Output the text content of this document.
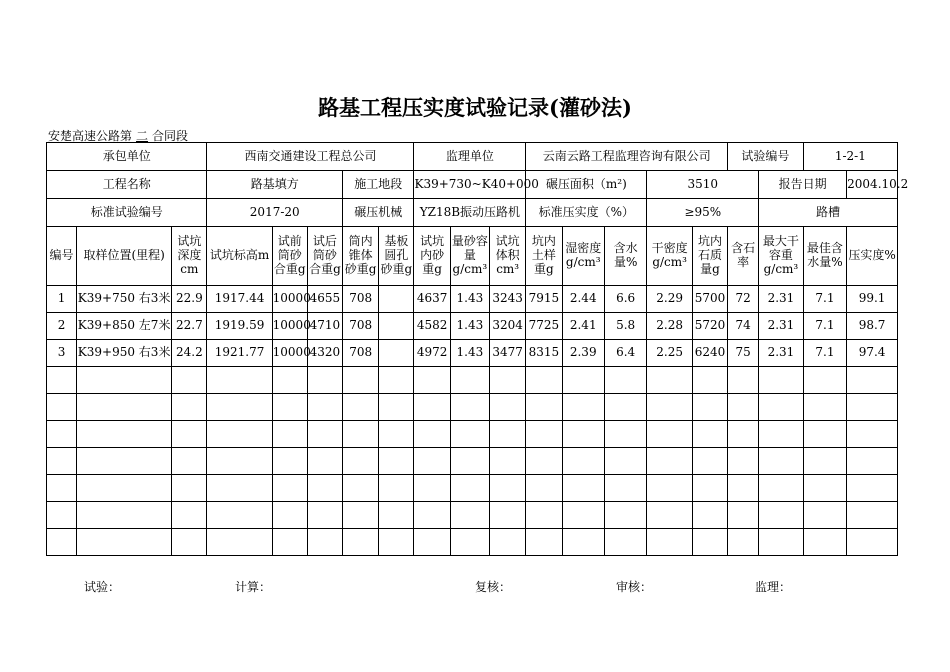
路基工程压实度试验记录(灌砂法)
安楚高速公路第 二 合同段
承包单位			西南交通建设工程总公司					监理单位			云南云路工程监理咨询有限公司					试验编号		1-2-1	
工程名称			路基填方			施工地段		K39+730~K40+000			碾压面积（m²)			3510			报告日期		2004.10.2
标准试验编号			2017-20			碾压机械		YZ18B振动压路机			标准压实度（%）			≥95%			路槽		
编号	取样位置(里程)	试坑深度cm	试坑标高m	试前筒砂合重g	试后筒砂合重g	筒内锥体砂重g	基板圆孔砂重g	试坑内砂重g	量砂容量g/cm³	试坑体积cm³	坑内土样重g	湿密度g/cm³	含水量%	干密度g/cm³	坑内石质量g	含石率	最大干容重g/cm³	最佳含水量%	压实度%
1	K39+750 右3米	22.9	1917.44	10000	4655	708		4637	1.43	3243	7915	2.44	6.6	2.29	5700	72	2.31	7.1	99.1
2	K39+850 左7米	22.7	1919.59	10000	4710	708		4582	1.43	3204	7725	2.41	5.8	2.28	5720	74	2.31	7.1	98.7
3	K39+950 右3米	24.2	1921.77	10000	4320	708		4972	1.43	3477	8315	2.39	6.4	2.25	6240	75	2.31	7.1	97.4

试验：	计算：	复核：	审核：	监理：
